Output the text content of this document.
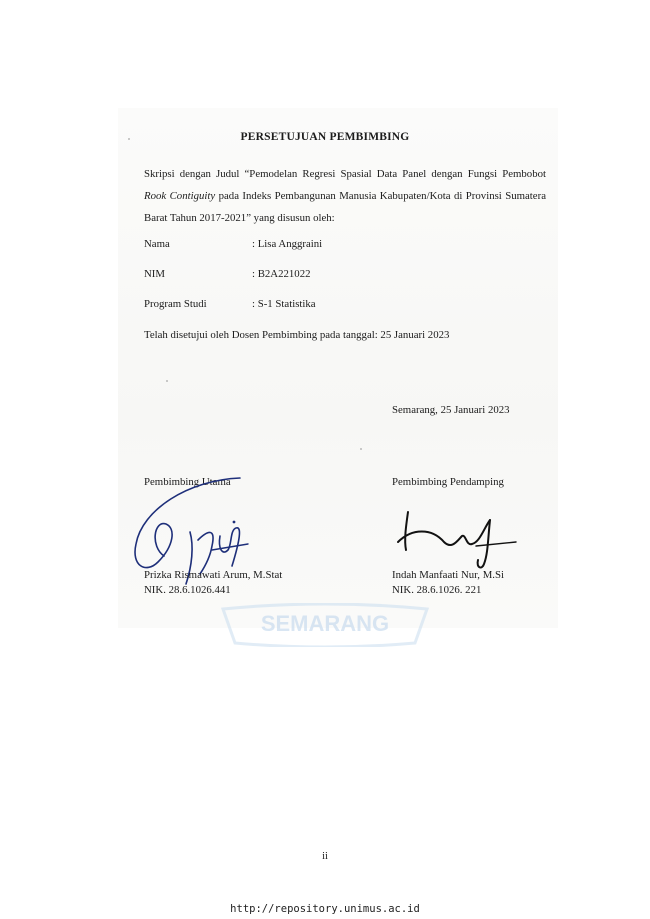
SEMARANG
PERSETUJUAN PEMBIMBING
Skripsi dengan Judul “Pemodelan Regresi Spasial Data Panel dengan Fungsi Pembobot Rook Contiguity pada Indeks Pembangunan Manusia Kabupaten/Kota di Provinsi Sumatera Barat Tahun 2017-2021” yang disusun oleh:
Nama	: Lisa Anggraini
NIM	: B2A221022
Program Studi	: S-1 Statistika
Telah disetujui oleh Dosen Pembimbing pada tanggal: 25 Januari 2023
Semarang, 25 Januari 2023
Pembimbing Utama
Prizka Rismawati Arum, M.Stat
NIK. 28.6.1026.441
Pembimbing Pendamping
Indah Manfaati Nur, M.Si
NIK. 28.6.1026. 221
ii
http://repository.unimus.ac.id
